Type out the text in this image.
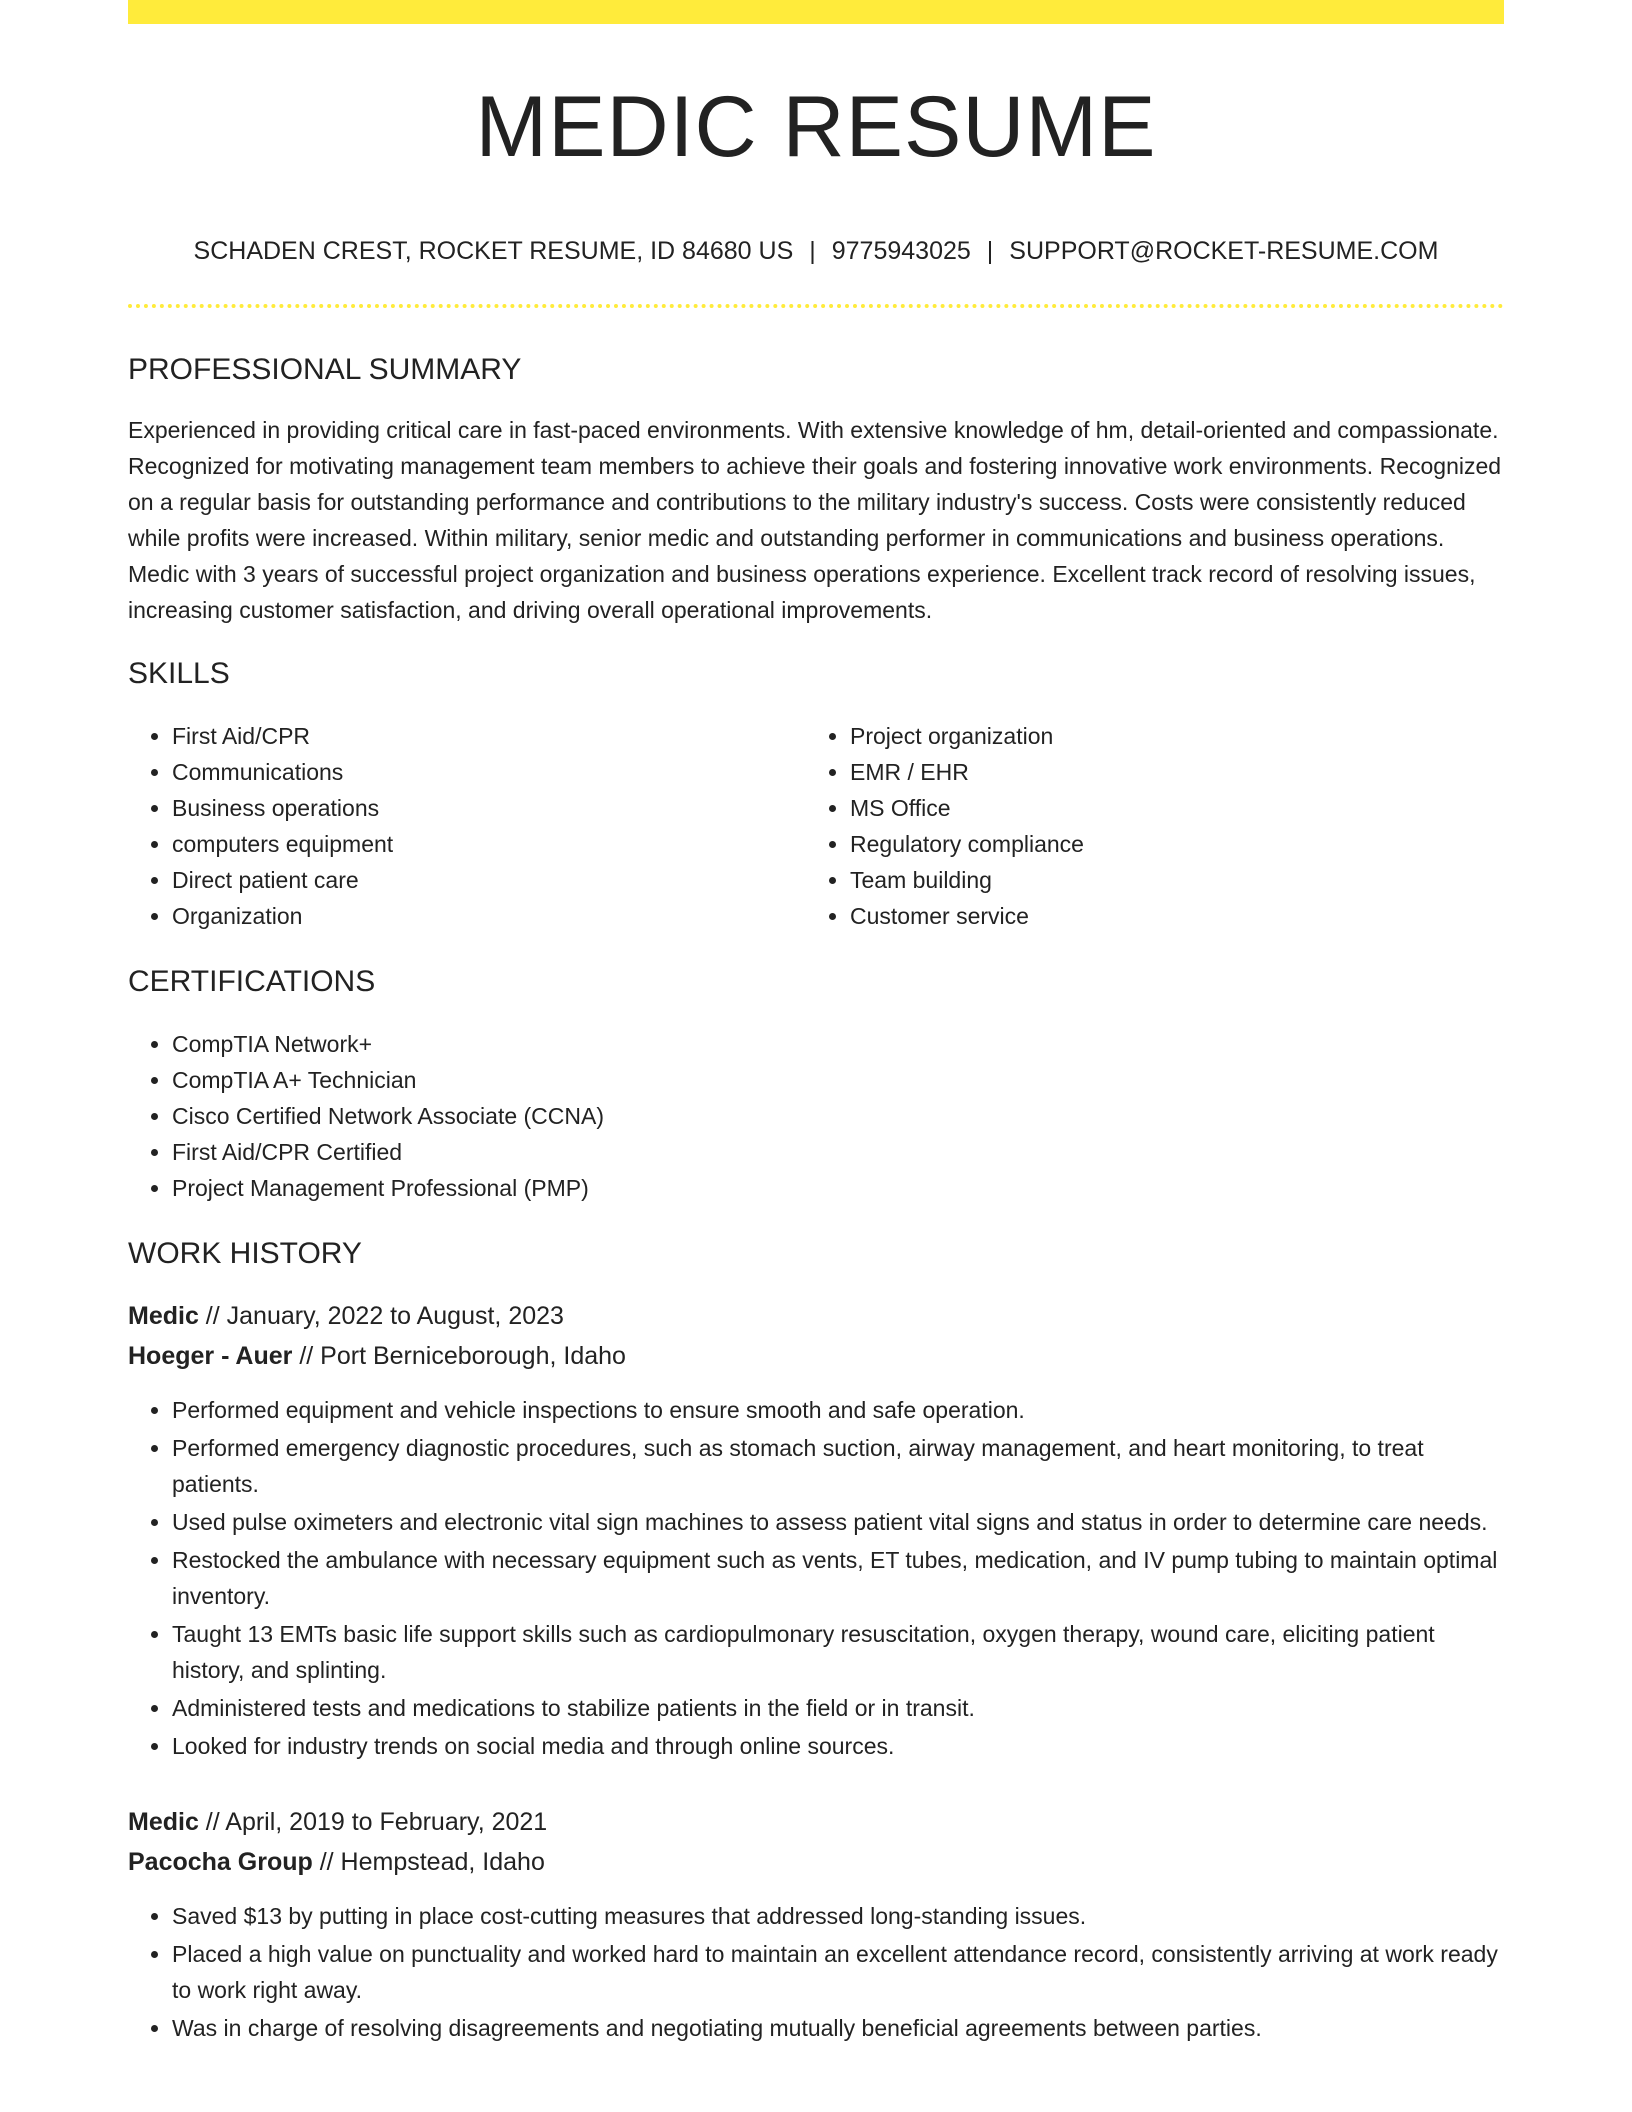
MEDIC RESUME
SCHADEN CREST, ROCKET RESUME, ID 84680 US | 9775943025 | SUPPORT@ROCKET-RESUME.COM
PROFESSIONAL SUMMARY
Experienced in providing critical care in fast-paced environments. With extensive knowledge of hm, detail-oriented and compassionate. Recognized for motivating management team members to achieve their goals and fostering innovative work environments. Recognized on a regular basis for outstanding performance and contributions to the military industry's success. Costs were consistently reduced while profits were increased. Within military, senior medic and outstanding performer in communications and business operations. Medic with 3 years of successful project organization and business operations experience. Excellent track record of resolving issues, increasing customer satisfaction, and driving overall operational improvements.
SKILLS
• First Aid/CPR
• Communications
• Business operations
• computers equipment
• Direct patient care
• Organization
• Project organization
• EMR / EHR
• MS Office
• Regulatory compliance
• Team building
• Customer service
CERTIFICATIONS
• CompTIA Network+
• CompTIA A+ Technician
• Cisco Certified Network Associate (CCNA)
• First Aid/CPR Certified
• Project Management Professional (PMP)
WORK HISTORY
Medic // January, 2022 to August, 2023
Hoeger - Auer // Port Berniceborough, Idaho
• Performed equipment and vehicle inspections to ensure smooth and safe operation.
• Performed emergency diagnostic procedures, such as stomach suction, airway management, and heart monitoring, to treat patients.
• Used pulse oximeters and electronic vital sign machines to assess patient vital signs and status in order to determine care needs.
• Restocked the ambulance with necessary equipment such as vents, ET tubes, medication, and IV pump tubing to maintain optimal inventory.
• Taught 13 EMTs basic life support skills such as cardiopulmonary resuscitation, oxygen therapy, wound care, eliciting patient history, and splinting.
• Administered tests and medications to stabilize patients in the field or in transit.
• Looked for industry trends on social media and through online sources.
Medic // April, 2019 to February, 2021
Pacocha Group // Hempstead, Idaho
• Saved $13 by putting in place cost-cutting measures that addressed long-standing issues.
• Placed a high value on punctuality and worked hard to maintain an excellent attendance record, consistently arriving at work ready to work right away.
• Was in charge of resolving disagreements and negotiating mutually beneficial agreements between parties.
